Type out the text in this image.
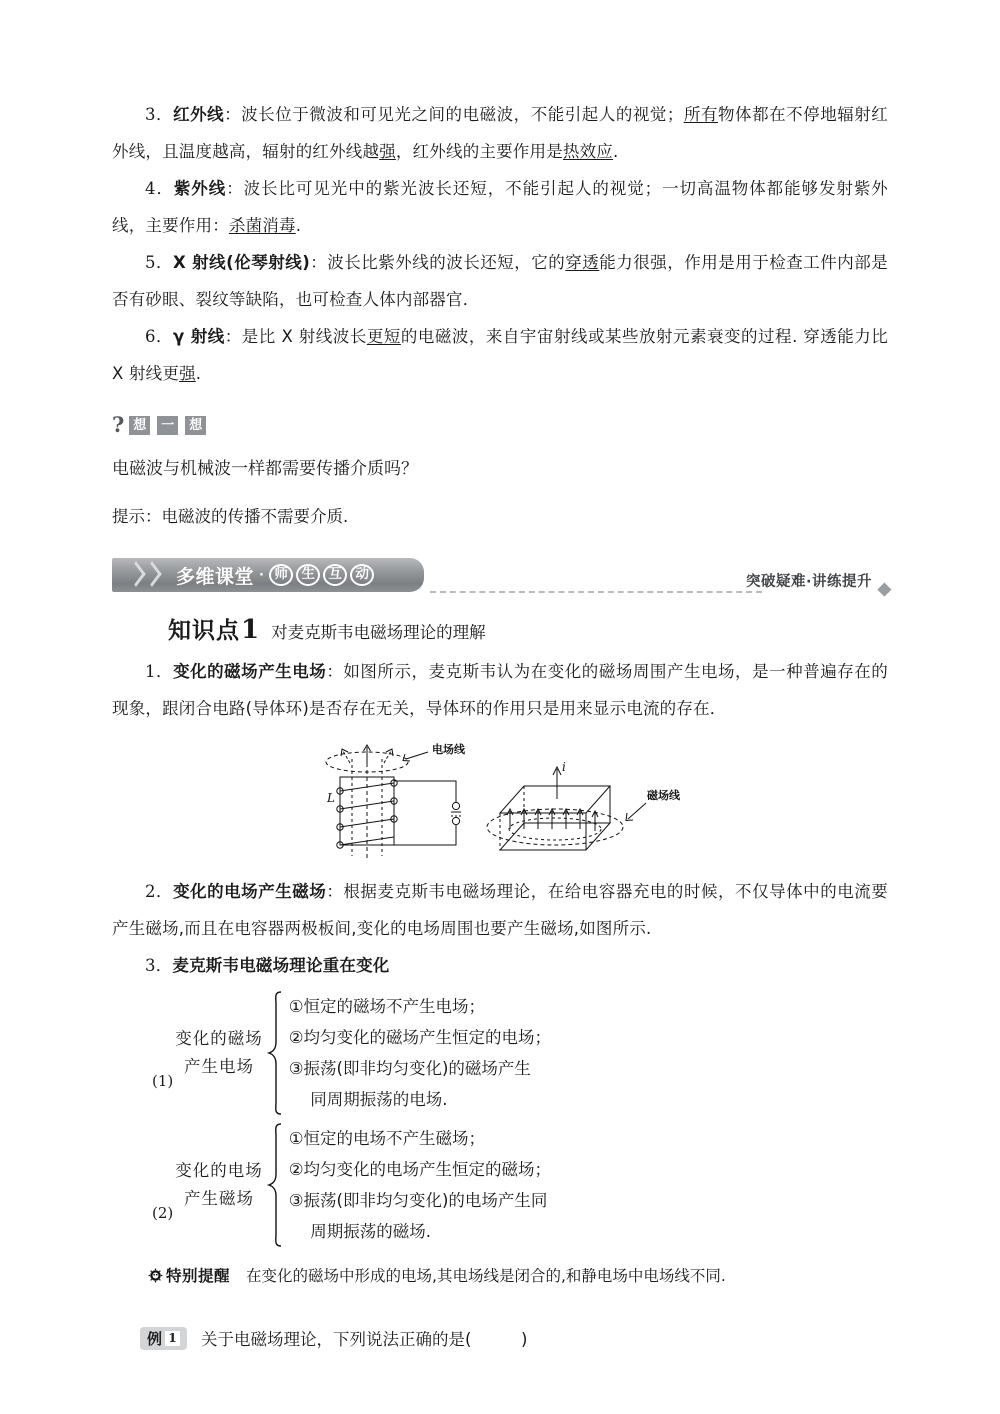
3．红外线：波长位于微波和可见光之间的电磁波，不能引起人的视觉；所有物体都在不停地辐射红外线，且温度越高，辐射的红外线越强，红外线的主要作用是热效应.

4．紫外线：波长比可见光中的紫光波长还短，不能引起人的视觉；一切高温物体都能够发射紫外线，主要作用：杀菌消毒.

5．X 射线(伦琴射线)：波长比紫外线的波长还短，它的穿透能力很强，作用是用于检查工件内部是否有砂眼、裂纹等缺陷，也可检查人体内部器官．

6．γ 射线：是比 X 射线波长更短的电磁波，来自宇宙射线或某些放射元素衰变的过程. 穿透能力比 X 射线更强.

? 想	一	想
电磁波与机械波一样都需要传播介质吗？
提示：电磁波的传播不需要介质.
多维课堂 · 师 生 互 动	突破疑难·讲练提升
知识点 1 对麦克斯韦电磁场理论的理解

1．变化的磁场产生电场：如图所示，麦克斯韦认为在变化的磁场周围产生电场，是一种普遍存在的现象，跟闭合电路(导体环)是否存在无关，导体环的作用只是用来显示电流的存在．

电场线
L	磁场线
i

2．变化的电场产生磁场：根据麦克斯韦电磁场理论，在给电容器充电的时候，不仅导体中的电流要产生磁场,而且在电容器两极板间,变化的电场周围也要产生磁场,如图所示.

3．麦克斯韦电磁场理论重在变化

(1)
变化的磁场
产生电场
①恒定的磁场不产生电场；
②均匀变化的磁场产生恒定的电场；
③振荡(即非均匀变化)的磁场产生
同周期振荡的电场.
(2)
变化的电场
产生磁场
①恒定的电场不产生磁场；
②均匀变化的电场产生恒定的磁场；
③振荡(即非均匀变化)的电场产生同
周期振荡的磁场.
特别提醒 在变化的磁场中形成的电场,其电场线是闭合的,和静电场中电场线不同.
例 1 关于电磁场理论，下列说法正确的是(　　　)
